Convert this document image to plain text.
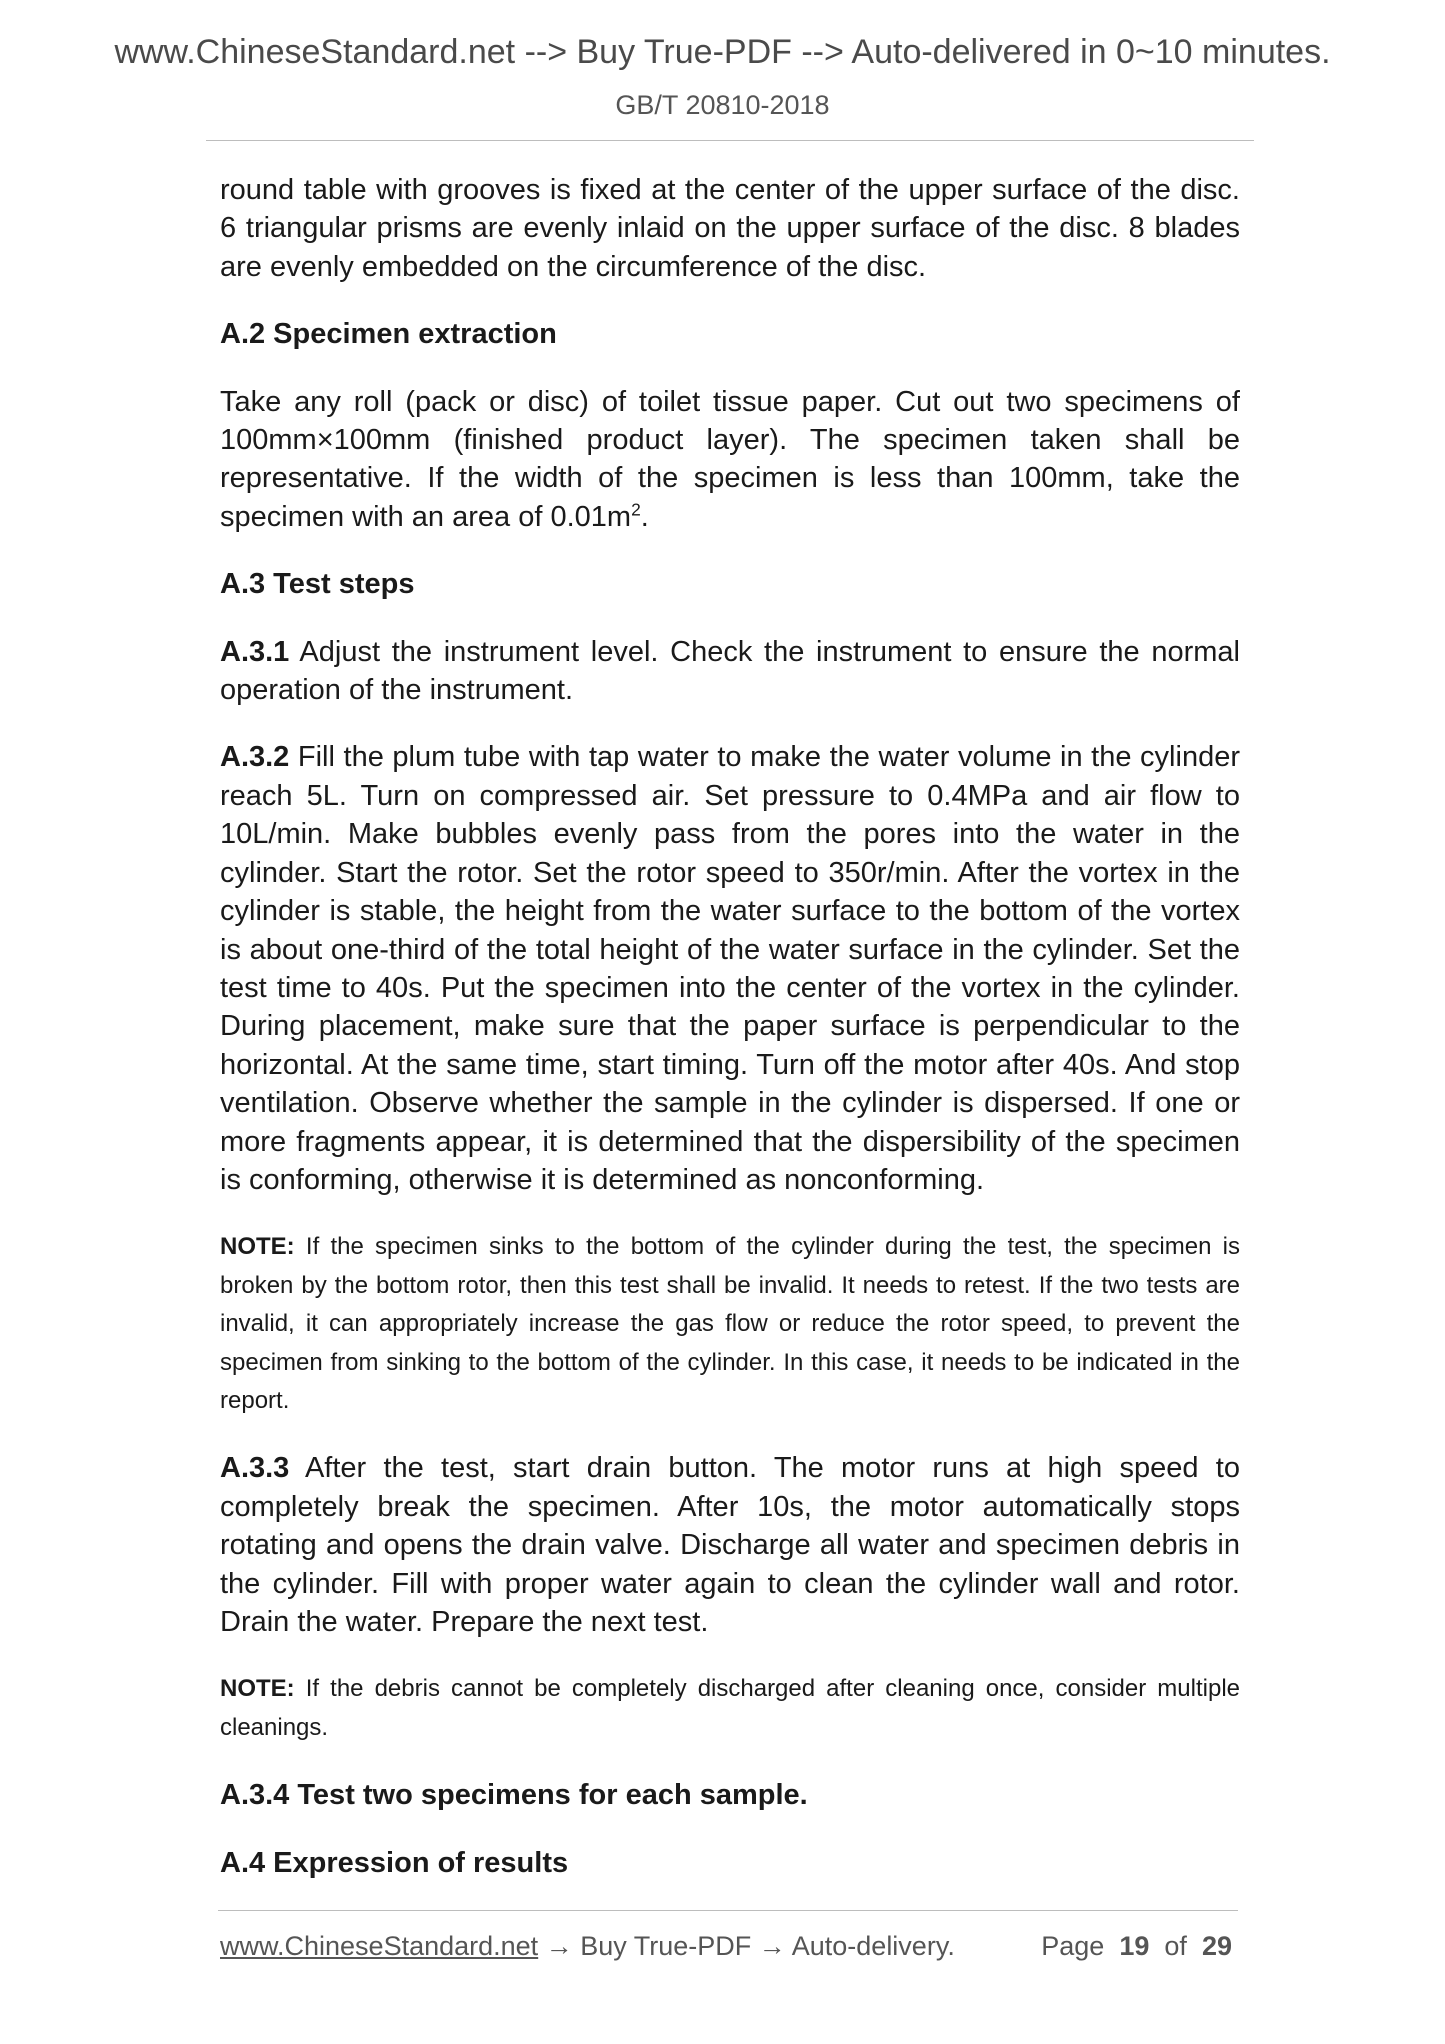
www.ChineseStandard.net --> Buy True-PDF --> Auto-delivered in 0~10 minutes.
GB/T 20810-2018

round table with grooves is fixed at the center of the upper surface of the disc. 6 triangular prisms are evenly inlaid on the upper surface of the disc. 8 blades are evenly embedded on the circumference of the disc.

A.2 Specimen extraction

Take any roll (pack or disc) of toilet tissue paper. Cut out two specimens of 100mm×100mm (finished product layer). The specimen taken shall be representative. If the width of the specimen is less than 100mm, take the specimen with an area of $0.01m^2$.

A.3 Test steps

A.3.1 Adjust the instrument level. Check the instrument to ensure the normal operation of the instrument.

A.3.2 Fill the plum tube with tap water to make the water volume in the cylinder reach 5L. Turn on compressed air. Set pressure to 0.4MPa and air flow to 10L/min. Make bubbles evenly pass from the pores into the water in the cylinder. Start the rotor. Set the rotor speed to 350r/min. After the vortex in the cylinder is stable, the height from the water surface to the bottom of the vortex is about one-third of the total height of the water surface in the cylinder. Set the test time to 40s. Put the specimen into the center of the vortex in the cylinder. During placement, make sure that the paper surface is perpendicular to the horizontal. At the same time, start timing. Turn off the motor after 40s. And stop ventilation. Observe whether the sample in the cylinder is dispersed. If one or more fragments appear, it is determined that the dispersibility of the specimen is conforming, otherwise it is determined as nonconforming.

NOTE: If the specimen sinks to the bottom of the cylinder during the test, the specimen is broken by the bottom rotor, then this test shall be invalid. It needs to retest. If the two tests are invalid, it can appropriately increase the gas flow or reduce the rotor speed, to prevent the specimen from sinking to the bottom of the cylinder. In this case, it needs to be indicated in the report.

A.3.3 After the test, start drain button. The motor runs at high speed to completely break the specimen. After 10s, the motor automatically stops rotating and opens the drain valve. Discharge all water and specimen debris in the cylinder. Fill with proper water again to clean the cylinder wall and rotor. Drain the water. Prepare the next test.

NOTE: If the debris cannot be completely discharged after cleaning once, consider multiple cleanings.

A.3.4 Test two specimens for each sample.
A.4 Expression of results
www.ChineseStandard.net → Buy True-PDF → Auto-delivery.	Page 19 of 29
